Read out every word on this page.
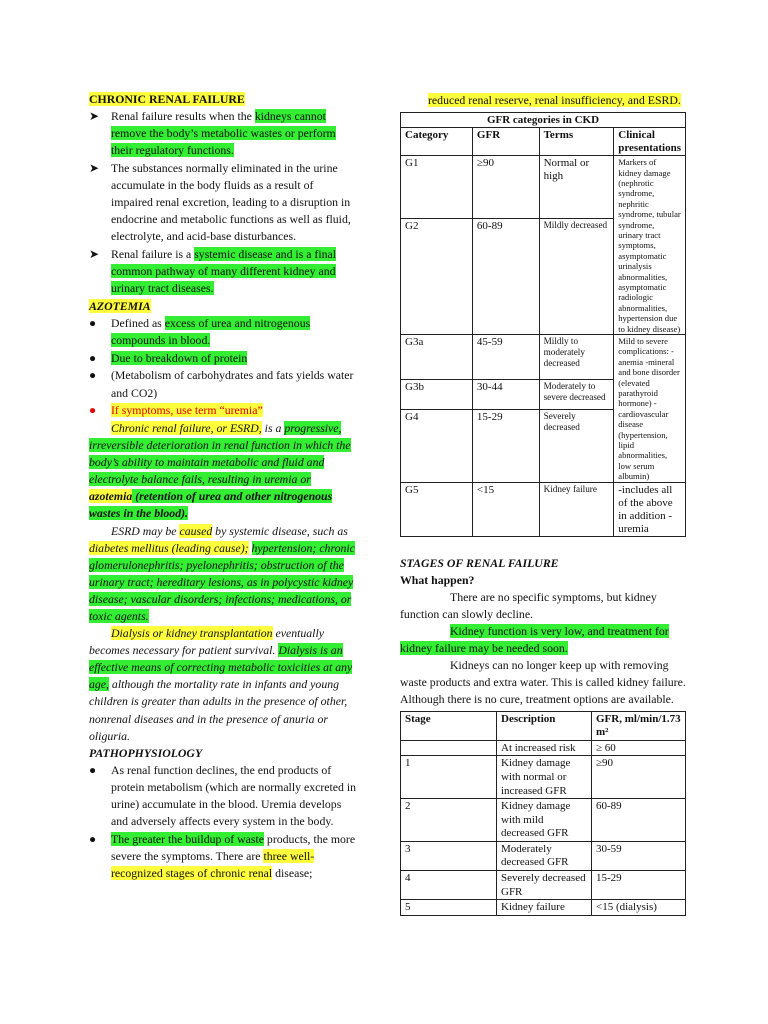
CHRONIC RENAL FAILURE
➤	Renal failure results when the kidneys cannot remove the body’s metabolic wastes or perform their regulatory functions.
➤	The substances normally eliminated in the urine accumulate in the body fluids as a result of impaired renal excretion, leading to a disruption in endocrine and metabolic functions as well as fluid, electrolyte, and acid-base disturbances.
➤	Renal failure is a systemic disease and is a final common pathway of many different kidney and urinary tract diseases.
AZOTEMIA
●	Defined as excess of urea and nitrogenous compounds in blood.
●	Due to breakdown of protein
●	(Metabolism of carbohydrates and fats yields water and CO2)
●	If symptoms, use term “uremia”

Chronic renal failure, or ESRD, is a progressive, irreversible deterioration in renal function in which the body’s ability to maintain metabolic and fluid and electrolyte balance fails, resulting in uremia or azotemia (retention of urea and other nitrogenous wastes in the blood).

ESRD may be caused by systemic disease, such as diabetes mellitus (leading cause); hypertension; chronic glomerulonephritis; pyelonephritis; obstruction of the urinary tract; hereditary lesions, as in polycystic kidney disease; vascular disorders; infections; medications, or toxic agents.

Dialysis or kidney transplantation eventually becomes necessary for patient survival. Dialysis is an effective means of correcting metabolic toxicities at any age, although the mortality rate in infants and young children is greater than adults in the presence of other, nonrenal diseases and in the presence of anuria or oliguria.

PATHOPHYSIOLOGY
●	As renal function declines, the end products of protein metabolism (which are normally excreted in urine) accumulate in the blood. Uremia develops and adversely affects every system in the body.
●	The greater the buildup of waste products, the more severe the symptoms. There are three well-recognized stages of chronic renal disease;
reduced renal reserve, renal insufficiency, and ESRD.
GFR categories in CKD			
Category	GFR	Terms	Clinical presentations
G1	≥90	Normal or high	Markers of kidney damage (nephrotic syndrome, nephritic syndrome, tubular syndrome, urinary tract symptoms, asymptomatic urinalysis abnormalities, asymptomatic radiologic abnormalities, hypertension due to kidney disease)
G2	60-89	Mildly decreased	
G3a	45-59	Mildly to moderately decreased	Mild to severe complications: -anemia -mineral and bone disorder (elevated parathyroid hormone) -cardiovascular disease (hypertension, lipid abnormalities, low serum albumin)
G3b	30-44	Moderately to severe decreased	
G4	15-29	Severely decreased	
G5	<15	Kidney failure	-includes all of the above in addition -uremia
STAGES OF RENAL FAILURE
What happen?

There are no specific symptoms, but kidney function can slowly decline.

Kidney function is very low, and treatment for kidney failure may be needed soon.

Kidneys can no longer keep up with removing waste products and extra water. This is called kidney failure. Although there is no cure, treatment options are available.

Stage	Description	GFR, ml/min/1.73 m²
	At increased risk	≥ 60
1	Kidney damage with normal or increased GFR	≥90
2	Kidney damage with mild decreased GFR	60-89
3	Moderately decreased GFR	30-59
4	Severely decreased GFR	15-29
5	Kidney failure	<15 (dialysis)
